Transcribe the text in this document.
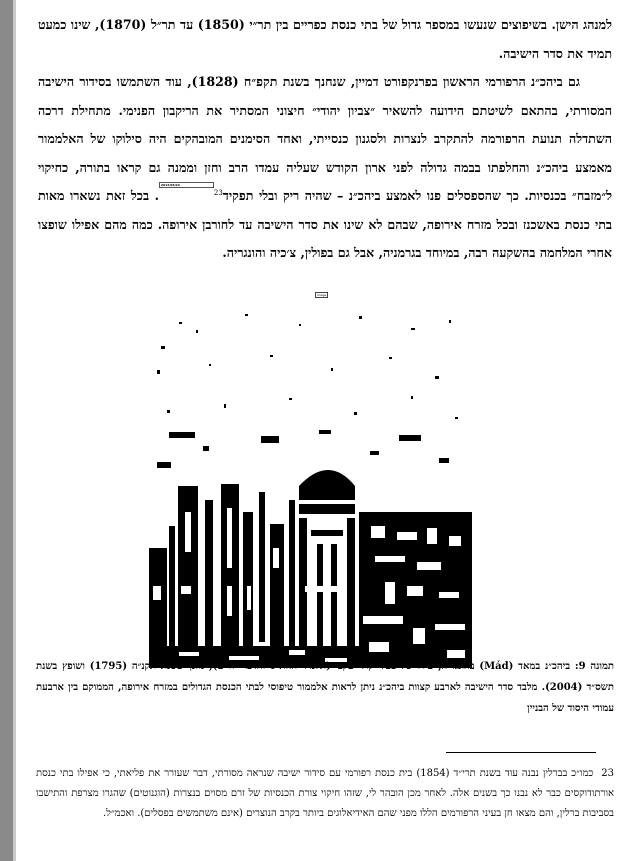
למנהג הישן. בשיפוצים שנעשו במספר גדול של בתי כנסת כפריים בין תר״י (1850) עד תר״ל (1870), שינו כמעט תמיד את סדר הישיבה.

גם ביהכ״נ הרפורמי הראשון בפרנקפורט דמיין, שנחנך בשנת תקפ״ח (1828), עוד השתמשו בסידור הישיבה המסורתי, בהתאם לשיטתם הידועה להשאיר ״צביון יהודי״ חיצוני המסתיר את הריקבון הפנימי. מתחילת דרכה השתדלה תנועת הרפורמה להתקרב לנצרות ולסגנון כנסייתי, ואחד הסימנים המובהקים היה סילוקו של האלממור מאמצע ביהכ״נ והחלפתו בבמה גדולה לפני ארון הקודש שעליה עמדו הרב וחזן וממנה גם קראו בתורה, כחיקוי ל״מזבח״ בכנסיות. כך שהספסלים פנו לאמצע ביהכ״נ – שהיה ריק ובלי תפקיד$^{23}$2012/06/22. בכל זאת נשארו מאות בתי כנסת באשכנז ובכל מזרח אירופה, שבהם לא שינו את סדר הישיבה עד לחורבן אירופה. כמה מהם אפילו שופצו אחרי המלחמה בהשקעה רבה, במיוחד בגרמניה, אבל גם בפולין, צ׳כיה והונגריה.

image
תמונה 9: ביהכ״נ במאד (Mád) בהונגריה, עירו של בעל ׳קול יעקב׳ (תלמיד החת״ס והדברי חיים), נחנך בשנת תקנ״ה (1795) ושופץ בשנת תשס״ד (2004). מלבד סדר הישיבה לארבע קצוות ביהכ״נ ניתן לראות אלממור טיפוסי לבתי הכנסת הגדולים במזרח אירופה, הממוקם בין ארבעת עמודי היסוד של הבניין
23כמו״כ בברלין נבנה עוד בשנת תרי״ד (1854) בית כנסת רפורמי עם סידור ישיבה שנראה מסורתי, דבר שעורר את פליאתי, כי אפילו בתי כנסת אורתודוקסים כבר לא נבנו כך בשנים אלה. לאחר מכן הובהר לי, שזהו חיקוי צורת הכנסיות של זרם מסוים בנצרות (הוגנוטים) שהגרו מצרפת והתישבו בסביבות ברלין, והם מצאו חן בעיני הרפורמים הללו מפני שהם האידיאלוגים ביותר בקרב הנוצרים (אינם משתמשים בפסלים). ואכמ״ל.
